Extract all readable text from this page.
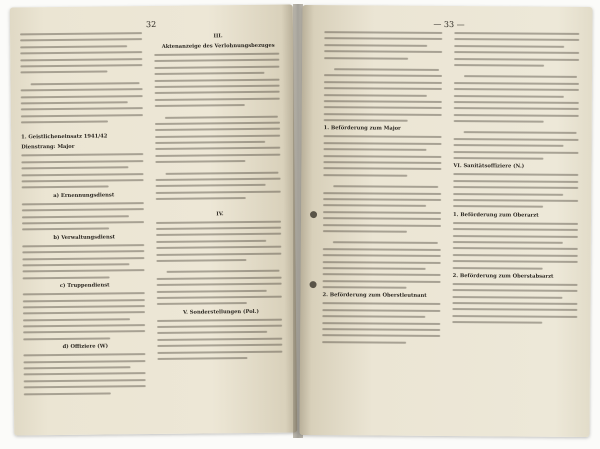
32
1. Geistlicheneinsatz 1941/42
Dienstrang: Major
a) Ernennungsdienst
b) Verwaltungsdienst
c) Truppendienst
d) Offiziere (W)
III.
Aktenanzeige des Verlohnungsbezuges
IV.
V. Sonderstellungen (Pol.)
— 33 —
1. Beförderung zum Major
2. Beförderung zum Oberstleutnant
VI. Sanitätsoffiziere (N.)
1. Beförderung zum Oberarzt
2. Beförderung zum Oberstabsarzt
